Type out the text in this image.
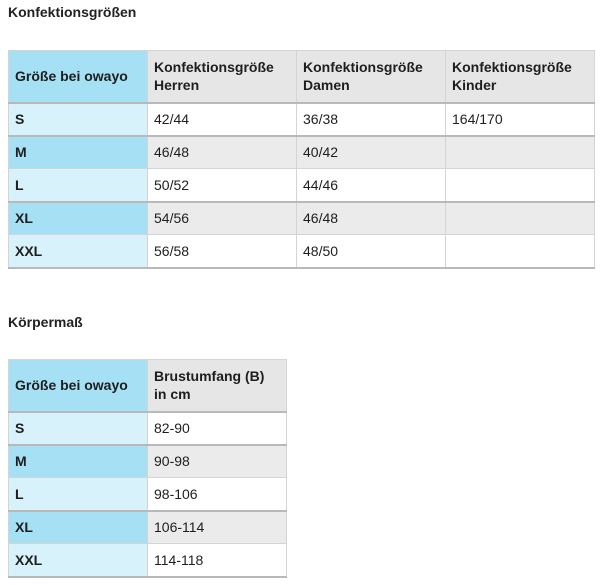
Konfektionsgrößen
Größe bei owayo	Konfektionsgröße Herren	Konfektionsgröße Damen	Konfektionsgröße Kinder
S	42/44	36/38	164/170
M	46/48	40/42	
L	50/52	44/46	
XL	54/56	46/48	
XXL	56/58	48/50	
Körpermaß
Größe bei owayo	Brustumfang (B) in cm
S	82-90
M	90-98
L	98-106
XL	106-114
XXL	114-118
